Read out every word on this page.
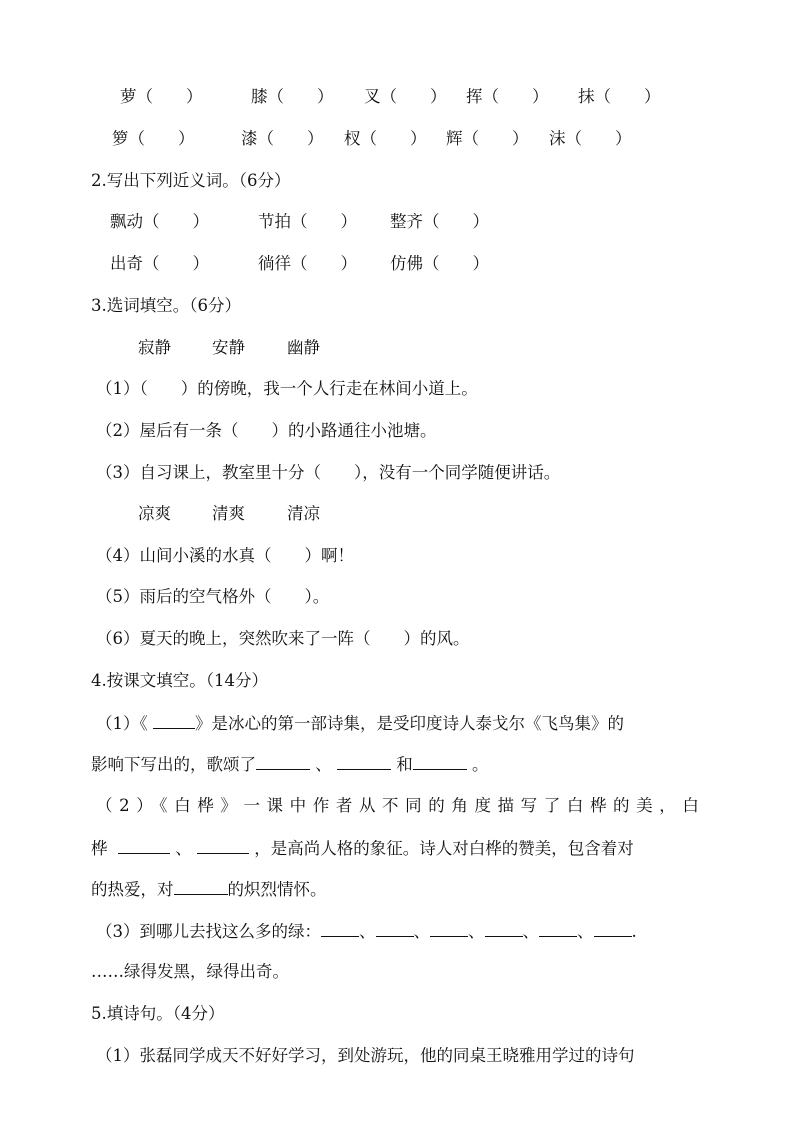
萝（　　）	膝（　　） 叉（　　） 挥（　　） 抹（　　）
箩（　　）	漆（　　） 杈（　　） 辉（　　） 沫（　　）
2.写出下列近义词。（6分）
飘动（　　）	节拍（　　） 整齐（　　）
出奇（　　）	徜徉（　　） 仿佛（　　）
3.选词填空。（6分）
寂静 安静	幽静
（1）（　　）的傍晚，我一个人行走在林间小道上。
（2）屋后有一条（　　）的小路通往小池塘。
（3）自习课上，教室里十分（　　），没有一个同学随便讲话。
凉爽 清爽	清凉
（4）山间小溪的水真（　　）啊！
（5）雨后的空气格外（　　）。
（6）夏天的晚上，突然吹来了一阵（　　）的风。
4.按课文填空。（14分）
（1）《	》是冰心的第一部诗集，是受印度诗人泰戈尔《飞鸟集》的
影响下写出的，歌颂了	、	和	。
（2）《白桦》一课中作者从不同的角度描写了白桦的美，白
桦	、	，是高尚人格的象征。诗人对白桦的赞美，包含着对
的热爱，对	的炽烈情怀。
（3）到哪儿去找这么多的绿： 、 、 、 、 、 .
……绿得发黑，绿得出奇。
5.填诗句。（4分）
（1）张磊同学成天不好好学习，到处游玩，他的同桌王晓雅用学过的诗句
